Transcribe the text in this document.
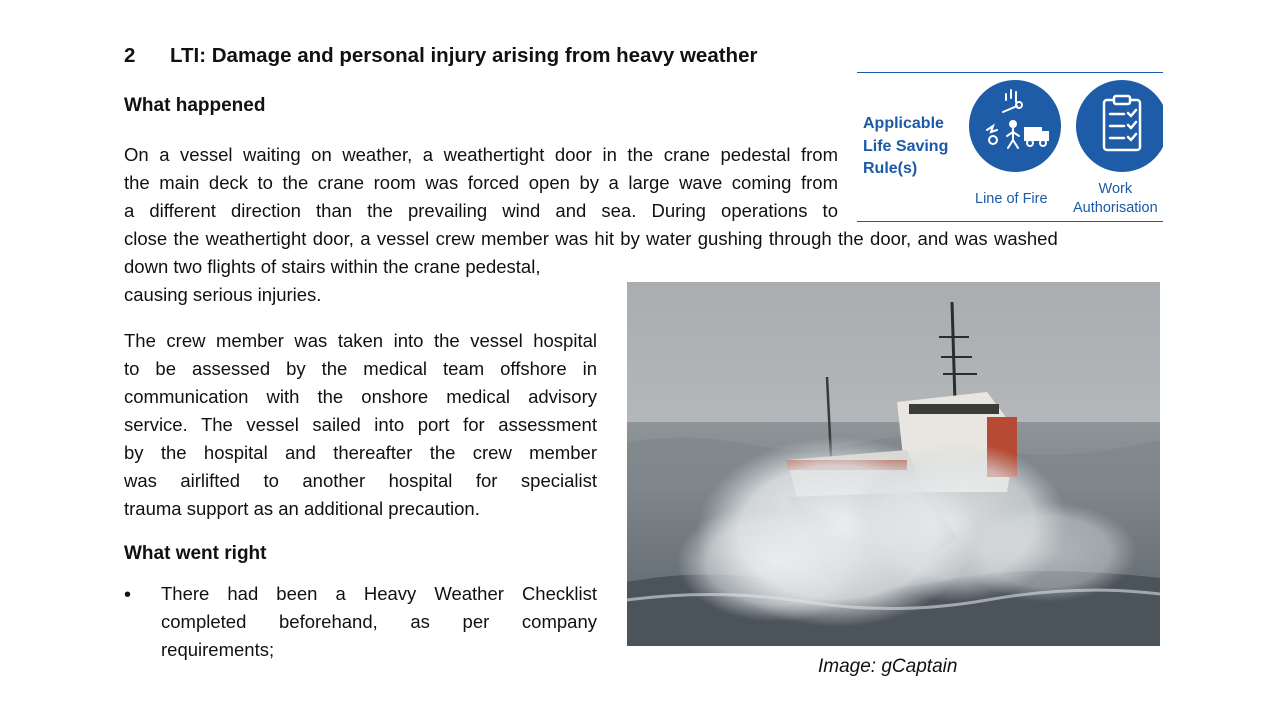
2 LTI: Damage and personal injury arising from heavy weather
Applicable
Life Saving
Rule(s)
Line of Fire
Work
Authorisation
What happened
On a vessel waiting on weather, a weathertight door in the crane pedestal from
the main deck to the crane room was forced open by a large wave coming from
a different direction than the prevailing wind and sea. During operations to
close the weathertight door, a vessel crew member was hit by water gushing through the door, and was washed
down two flights of stairs within the crane pedestal,
causing serious injuries.
The crew member was taken into the vessel hospital
to be assessed by the medical team offshore in
communication with the onshore medical advisory
service. The vessel sailed into port for assessment
by the hospital and thereafter the crew member
was airlifted to another hospital for specialist
trauma support as an additional precaution.
What went right
• There had been a Heavy Weather Checklist
completed beforehand, as per company
requirements;
Image: gCaptain
